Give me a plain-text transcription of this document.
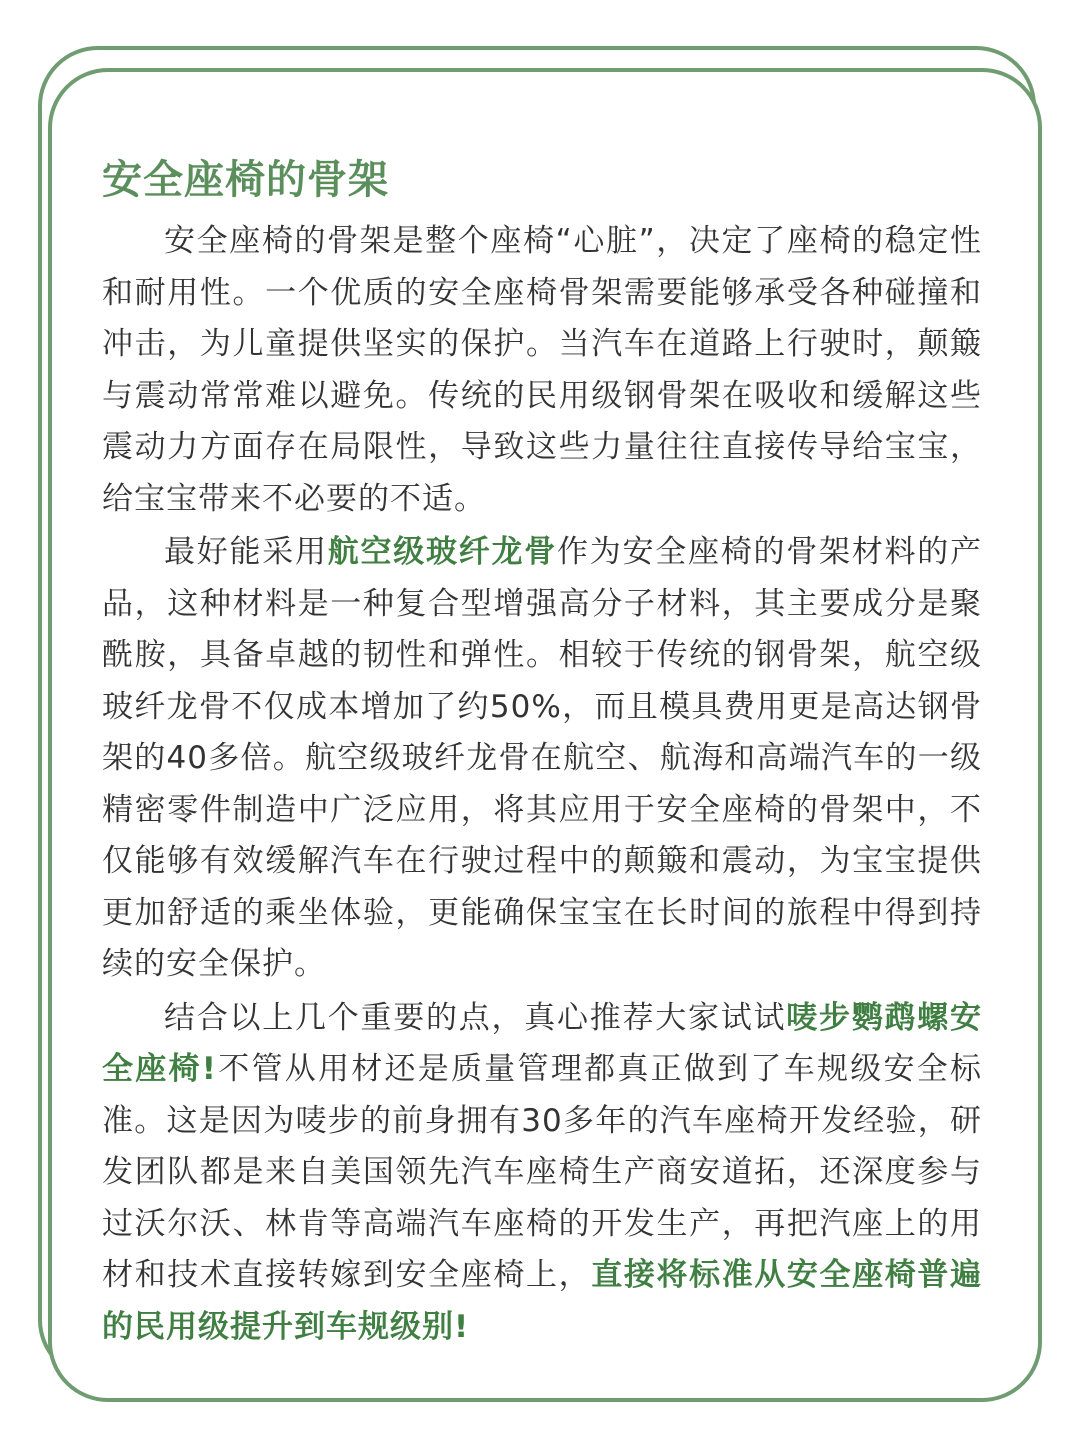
安全座椅的骨架

安全座椅的骨架是整个座椅“心脏”，决定了座椅的稳定性和耐用性。一个优质的安全座椅骨架需要能够承受各种碰撞和冲击，为儿童提供坚实的保护。当汽车在道路上行驶时，颠簸与震动常常难以避免。传统的民用级钢骨架在吸收和缓解这些震动力方面存在局限性，导致这些力量往往直接传导给宝宝，给宝宝带来不必要的不适。

最好能采用航空级玻纤龙骨作为安全座椅的骨架材料的产品，这种材料是一种复合型增强高分子材料，其主要成分是聚酰胺，具备卓越的韧性和弹性。相较于传统的钢骨架，航空级玻纤龙骨不仅成本增加了约50%，而且模具费用更是高达钢骨架的40多倍。航空级玻纤龙骨在航空、航海和高端汽车的一级精密零件制造中广泛应用，将其应用于安全座椅的骨架中，不仅能够有效缓解汽车在行驶过程中的颠簸和震动，为宝宝提供更加舒适的乘坐体验，更能确保宝宝在长时间的旅程中得到持续的安全保护。

结合以上几个重要的点，真心推荐大家试试唛步鹦鹉螺安全座椅!不管从用材还是质量管理都真正做到了车规级安全标准。这是因为唛步的前身拥有30多年的汽车座椅开发经验，研发团队都是来自美国领先汽车座椅生产商安道拓，还深度参与过沃尔沃、林肯等高端汽车座椅的开发生产，再把汽座上的用材和技术直接转嫁到安全座椅上，直接将标准从安全座椅普遍的民用级提升到车规级别!
